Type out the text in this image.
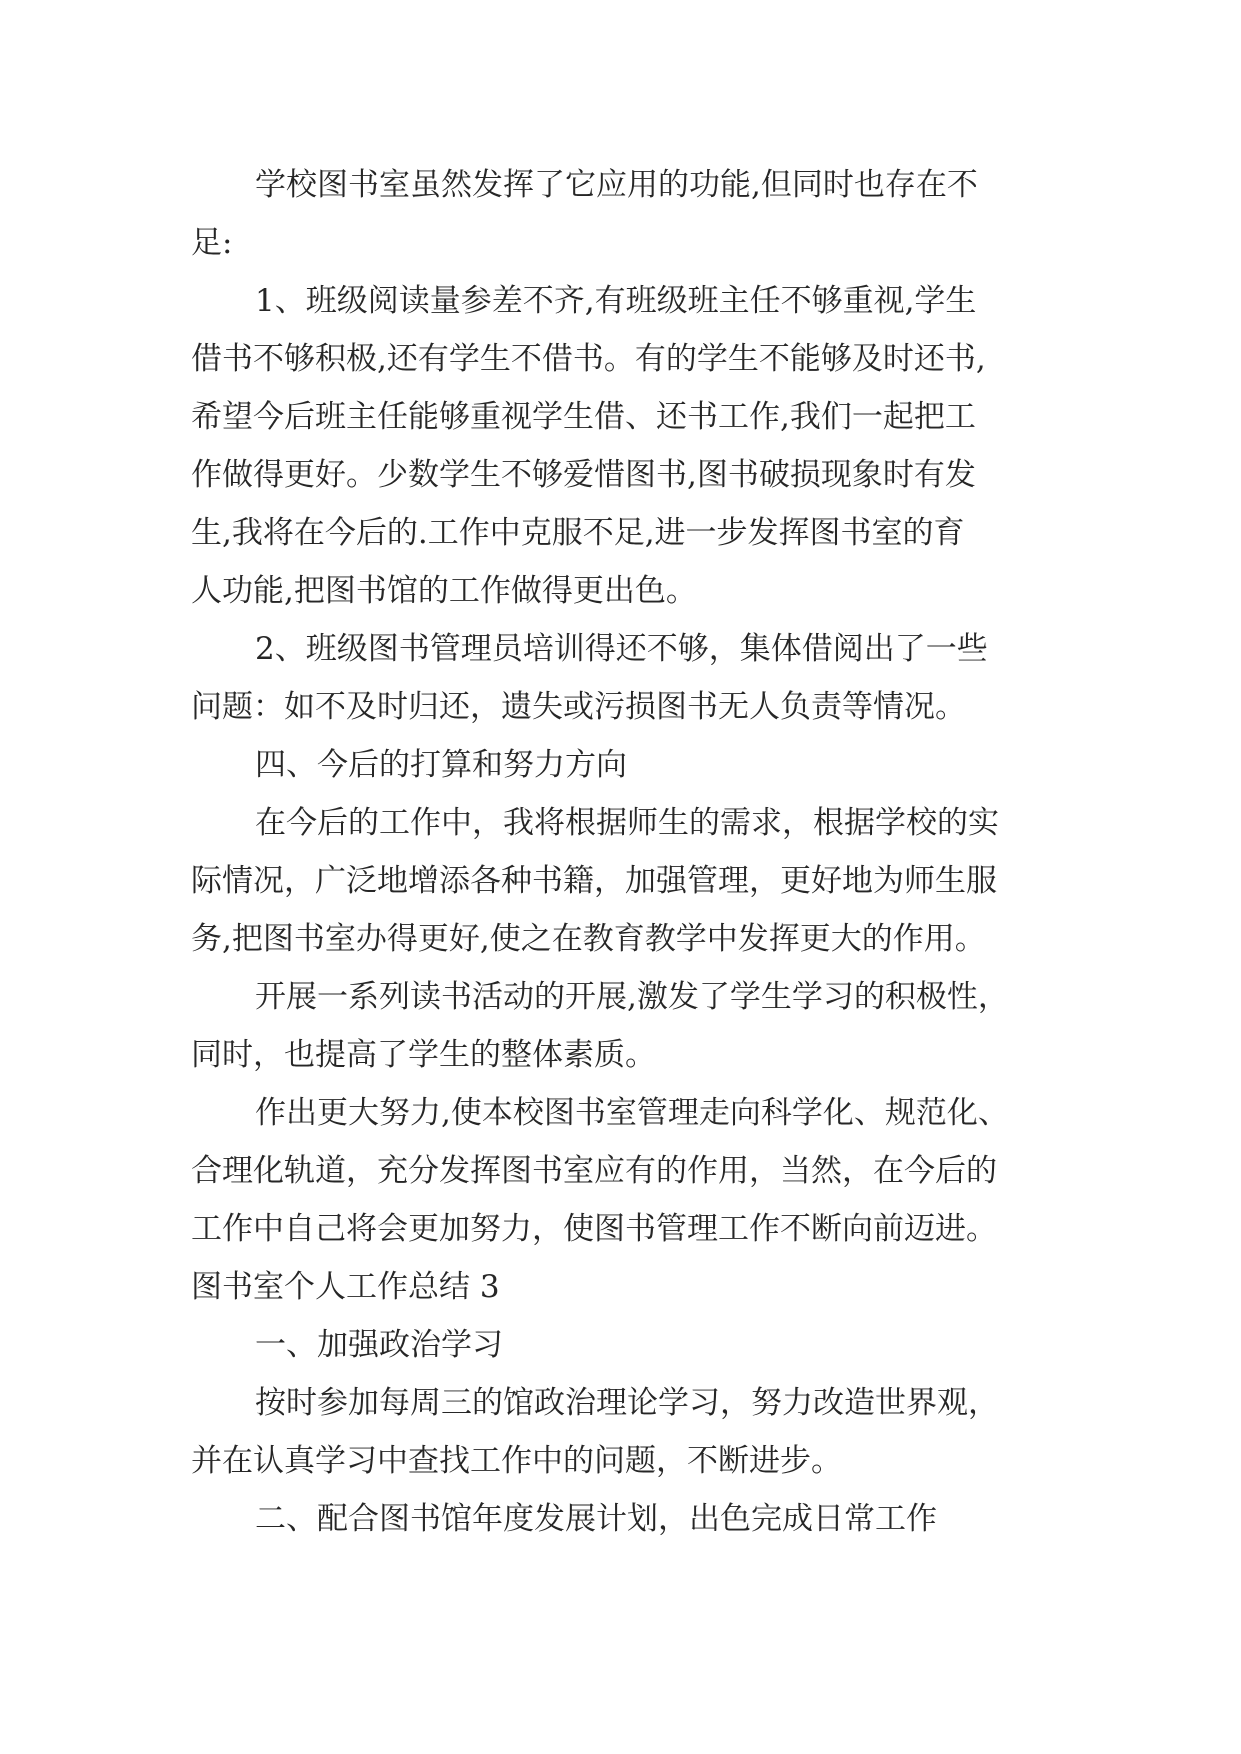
学校图书室虽然发挥了它应用的功能,但同时也存在不

足:

1、班级阅读量参差不齐,有班级班主任不够重视,学生

借书不够积极,还有学生不借书。有的学生不能够及时还书,

希望今后班主任能够重视学生借、还书工作,我们一起把工

作做得更好。少数学生不够爱惜图书,图书破损现象时有发

生,我将在今后的.工作中克服不足,进一步发挥图书室的育

人功能,把图书馆的工作做得更出色。

2、班级图书管理员培训得还不够，集体借阅出了一些

问题：如不及时归还，遗失或污损图书无人负责等情况。

四、今后的打算和努力方向

在今后的工作中，我将根据师生的需求，根据学校的实

际情况，广泛地增添各种书籍，加强管理，更好地为师生服

务,把图书室办得更好,使之在教育教学中发挥更大的作用。

开展一系列读书活动的开展,激发了学生学习的积极性，

同时，也提高了学生的整体素质。

作出更大努力,使本校图书室管理走向科学化、规范化、

合理化轨道，充分发挥图书室应有的作用，当然，在今后的

工作中自己将会更加努力，使图书管理工作不断向前迈进。

图书室个人工作总结 3

一、加强政治学习

按时参加每周三的馆政治理论学习，努力改造世界观，

并在认真学习中查找工作中的问题，不断进步。

二、配合图书馆年度发展计划，出色完成日常工作
